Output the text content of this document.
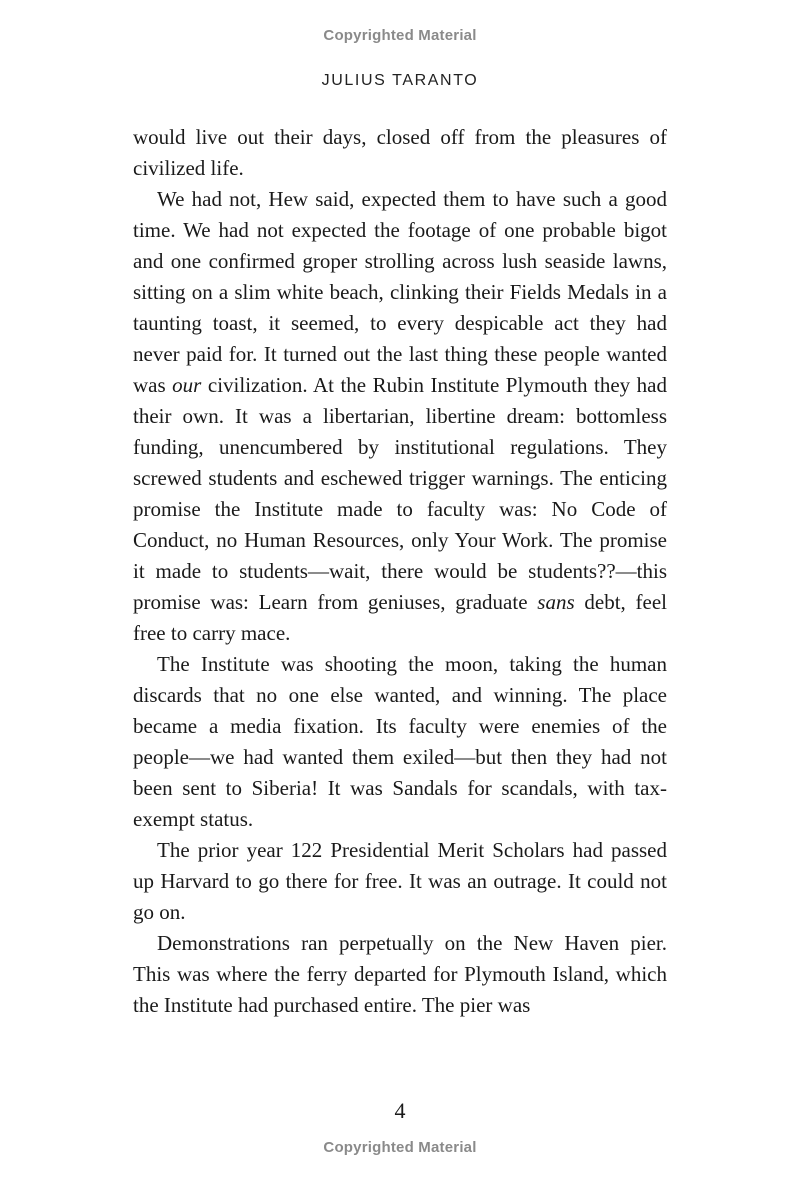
Copyrighted Material
JULIUS TARANTO

would live out their days, closed off from the pleasures of civilized life.

We had not, Hew said, expected them to have such a good time. We had not expected the footage of one probable bigot and one confirmed groper strolling across lush seaside lawns, sitting on a slim white beach, clinking their Fields Medals in a taunting toast, it seemed, to every despicable act they had never paid for. It turned out the last thing these people wanted was our civilization. At the Rubin Institute Plymouth they had their own. It was a libertarian, libertine dream: bottomless funding, unencumbered by institutional regulations. They screwed students and eschewed trigger warnings. The enticing promise the Institute made to faculty was: No Code of Conduct, no Human Resources, only Your Work. The promise it made to students—wait, there would be students??—this promise was: Learn from geniuses, graduate sans debt, feel free to carry mace.

The Institute was shooting the moon, taking the human discards that no one else wanted, and winning. The place became a media fixation. Its faculty were enemies of the people—we had wanted them exiled—but then they had not been sent to Siberia! It was Sandals for scandals, with tax-exempt status.

The prior year 122 Presidential Merit Scholars had passed up Harvard to go there for free. It was an outrage. It could not go on.

Demonstrations ran perpetually on the New Haven pier. This was where the ferry departed for Plymouth Island, which the Institute had purchased entire. The pier was

4
Copyrighted Material
